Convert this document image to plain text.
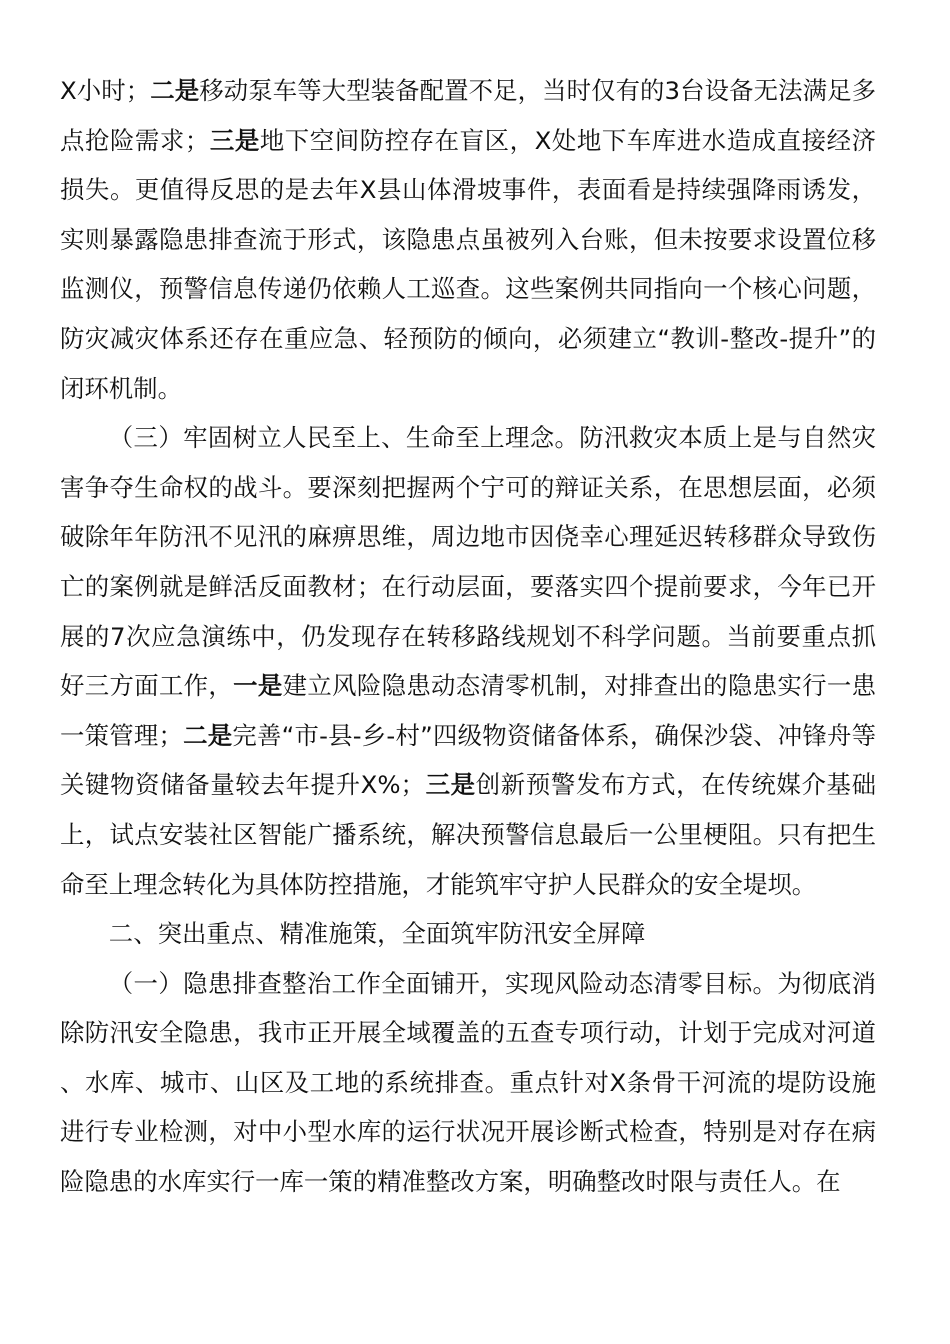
X小时；二是移动泵车等大型装备配置不足，当时仅有的3台设备无法满足多点抢险需求；三是地下空间防控存在盲区，X处地下车库进水造成直接经济损失。更值得反思的是去年X县山体滑坡事件，表面看是持续强降雨诱发，实则暴露隐患排查流于形式，该隐患点虽被列入台账，但未按要求设置位移监测仪，预警信息传递仍依赖人工巡查。这些案例共同指向一个核心问题，防灾减灾体系还存在重应急、轻预防的倾向，必须建立“教训-整改-提升”的闭环机制。

（三）牢固树立人民至上、生命至上理念。防汛救灾本质上是与自然灾害争夺生命权的战斗。要深刻把握两个宁可的辩证关系，在思想层面，必须破除年年防汛不见汛的麻痹思维，周边地市因侥幸心理延迟转移群众导致伤亡的案例就是鲜活反面教材；在行动层面，要落实四个提前要求，今年已开展的7次应急演练中，仍发现存在转移路线规划不科学问题。当前要重点抓好三方面工作，一是建立风险隐患动态清零机制，对排查出的隐患实行一患一策管理；二是完善“市-县-乡-村”四级物资储备体系，确保沙袋、冲锋舟等关键物资储备量较去年提升X%；三是创新预警发布方式，在传统媒介基础上，试点安装社区智能广播系统，解决预警信息最后一公里梗阻。只有把生命至上理念转化为具体防控措施，才能筑牢守护人民群众的安全堤坝。

二、突出重点、精准施策，全面筑牢防汛安全屏障

（一）隐患排查整治工作全面铺开，实现风险动态清零目标。为彻底消除防汛安全隐患，我市正开展全域覆盖的五查专项行动，计划于完成对河道、水库、城市、山区及工地的系统排查。重点针对X条骨干河流的堤防设施进行专业检测，对中小型水库的运行状况开展诊断式检查，特别是对存在病险隐患的水库实行一库一策的精准整改方案，明确整改时限与责任人。在
